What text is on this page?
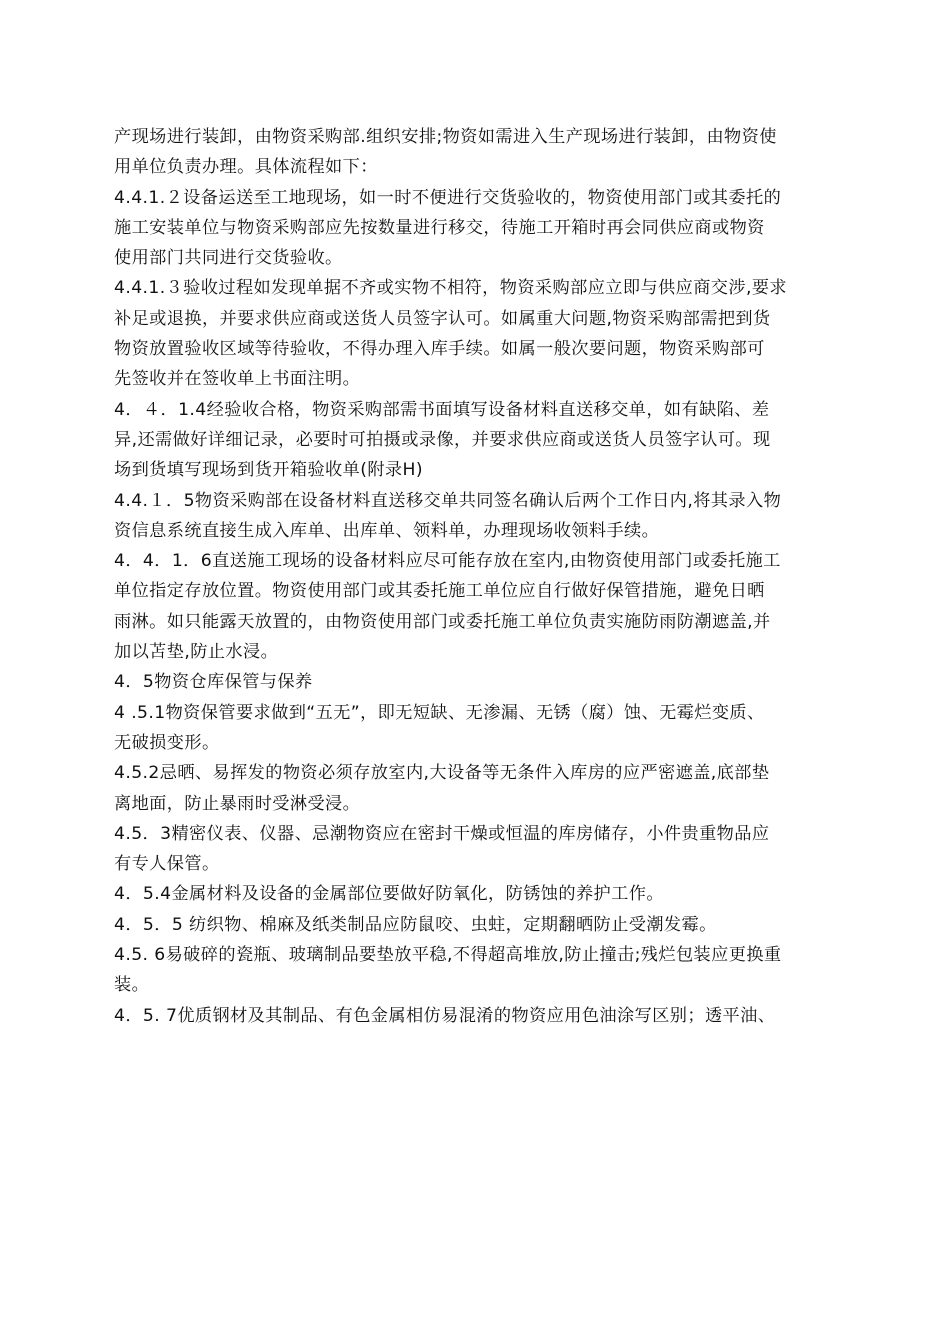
产现场进行装卸，由物资采购部.组织安排;物资如需进入生产现场进行装卸，由物资使
用单位负责办理。具体流程如下：
4.4.1.２设备运送至工地现场，如一时不便进行交货验收的，物资使用部门或其委托的
施工安装单位与物资采购部应先按数量进行移交，待施工开箱时再会同供应商或物资
使用部门共同进行交货验收。
4.4.1.３验收过程如发现单据不齐或实物不相符，物资采购部应立即与供应商交涉,要求
补足或退换，并要求供应商或送货人员签字认可。如属重大问题,物资采购部需把到货
物资放置验收区域等待验收，不得办理入库手续。如属一般次要问题，物资采购部可
先签收并在签收单上书面注明。
4．４．1.4经验收合格，物资采购部需书面填写设备材料直送移交单，如有缺陷、差
异,还需做好详细记录，必要时可拍摄或录像，并要求供应商或送货人员签字认可。现
场到货填写现场到货开箱验收单(附录H)
4.4.１．5物资采购部在设备材料直送移交单共同签名确认后两个工作日内,将其录入物
资信息系统直接生成入库单、出库单、领料单，办理现场收领料手续。
4．4．1．6直送施工现场的设备材料应尽可能存放在室内,由物资使用部门或委托施工
单位指定存放位置。物资使用部门或其委托施工单位应自行做好保管措施，避免日晒
雨淋。如只能露天放置的，由物资使用部门或委托施工单位负责实施防雨防潮遮盖,并
加以苫垫,防止水浸。
4．5物资仓库保管与保养
4 .5.1物资保管要求做到“五无”，即无短缺、无渗漏、无锈（腐）蚀、无霉烂变质、
无破损变形。
4.5.2忌晒、易挥发的物资必须存放室内,大设备等无条件入库房的应严密遮盖,底部垫
离地面，防止暴雨时受淋受浸。
4.5．3精密仪表、仪器、忌潮物资应在密封干燥或恒温的库房储存，小件贵重物品应
有专人保管。
4．5.4金属材料及设备的金属部位要做好防氧化，防锈蚀的养护工作。
4．5．5 纺织物、棉麻及纸类制品应防鼠咬、虫蛀，定期翻晒防止受潮发霉。
4.5. 6易破碎的瓷瓶、玻璃制品要垫放平稳,不得超高堆放,防止撞击;残烂包装应更换重
装。
4．5. 7优质钢材及其制品、有色金属相仿易混淆的物资应用色油涂写区别；透平油、
